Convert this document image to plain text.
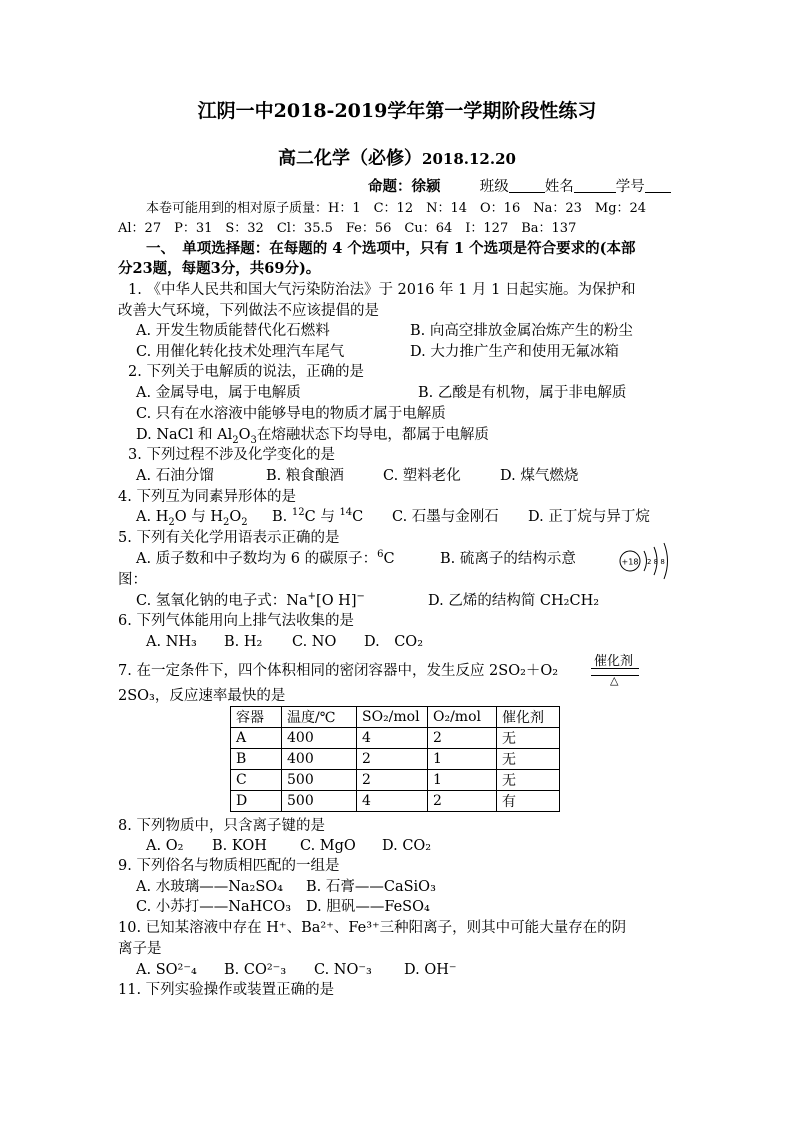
江阴一中2018-2019学年第一学期阶段性练习
高二化学（必修）2018.12.20
命题：徐颍	班级 姓名	学号
本卷可能用到的相对原子质量：H：1　C：12　N：14　O：16　Na：23　Mg：24
Al：27　P：31　S：32　Cl：35.5　Fe：56　Cu：64　I：127　Ba：137
一、　单项选择题：在每题的 4 个选项中，只有 1 个选项是符合要求的(本部
分23题，每题3分，共69分)。
1. 《中华人民共和国大气污染防治法》于 2016 年 1 月 1 日起实施。为保护和
改善大气环境，下列做法不应该提倡的是
A. 开发生物质能替代化石燃料	B. 向高空排放金属冶炼产生的粉尘
C. 用催化转化技术处理汽车尾气	D. 大力推广生产和使用无氟冰箱
2. 下列关于电解质的说法，正确的是
A. 金属导电，属于电解质	B. 乙酸是有机物，属于非电解质
C. 只有在水溶液中能够导电的物质才属于电解质
D. NaCl 和 $Al_2O_3$在熔融状态下均导电，都属于电解质
3. 下列过程不涉及化学变化的是
A. 石油分馏	B. 粮食酿酒	C. 塑料老化	D. 煤气燃烧
4. 下列互为同素异形体的是
A. $H_2O$ 与 $H_2O_2$ B. $^{12}$C 与 $^{14}$C C. 石墨与金刚石 D. 正丁烷与异丁烷
5. 下列有关化学用语表示正确的是
A. 质子数和中子数均为 6 的碳原子：$^6$C	B. 硫离子的结构示意	+18 2 8 8
图：
C. 氢氧化钠的电子式：Na+[O H]−	D. 乙烯的结构简 CH₂CH₂
6. 下列气体能用向上排气法收集的是
A. NH₃ B. H₂ C. NO D.　CO₂
7. 在一定条件下，四个体积相同的密闭容器中，发生反应 2SO₂＋O₂
催化剂
△
2SO₃，反应速率最快的是
容器	温度/℃	SO₂/mol	O₂/mol	催化剂
A	400	4	2	无
B	400	2	1	无
C	500	2	1	无
D	500	4	2	有
8. 下列物质中，只含离子键的是
A. O₂ B. KOH C. MgO D. CO₂
9. 下列俗名与物质相匹配的一组是
A. 水玻璃——Na₂SO₄ B. 石膏——CaSiO₃
C. 小苏打——NaHCO₃ D. 胆矾——FeSO₄
10. 已知某溶液中存在 H⁺、Ba²⁺、Fe³⁺三种阳离子，则其中可能大量存在的阴
离子是
A. SO²⁻₄ B. CO²⁻₃ C. NO⁻₃ D. OH⁻
11. 下列实验操作或装置正确的是
